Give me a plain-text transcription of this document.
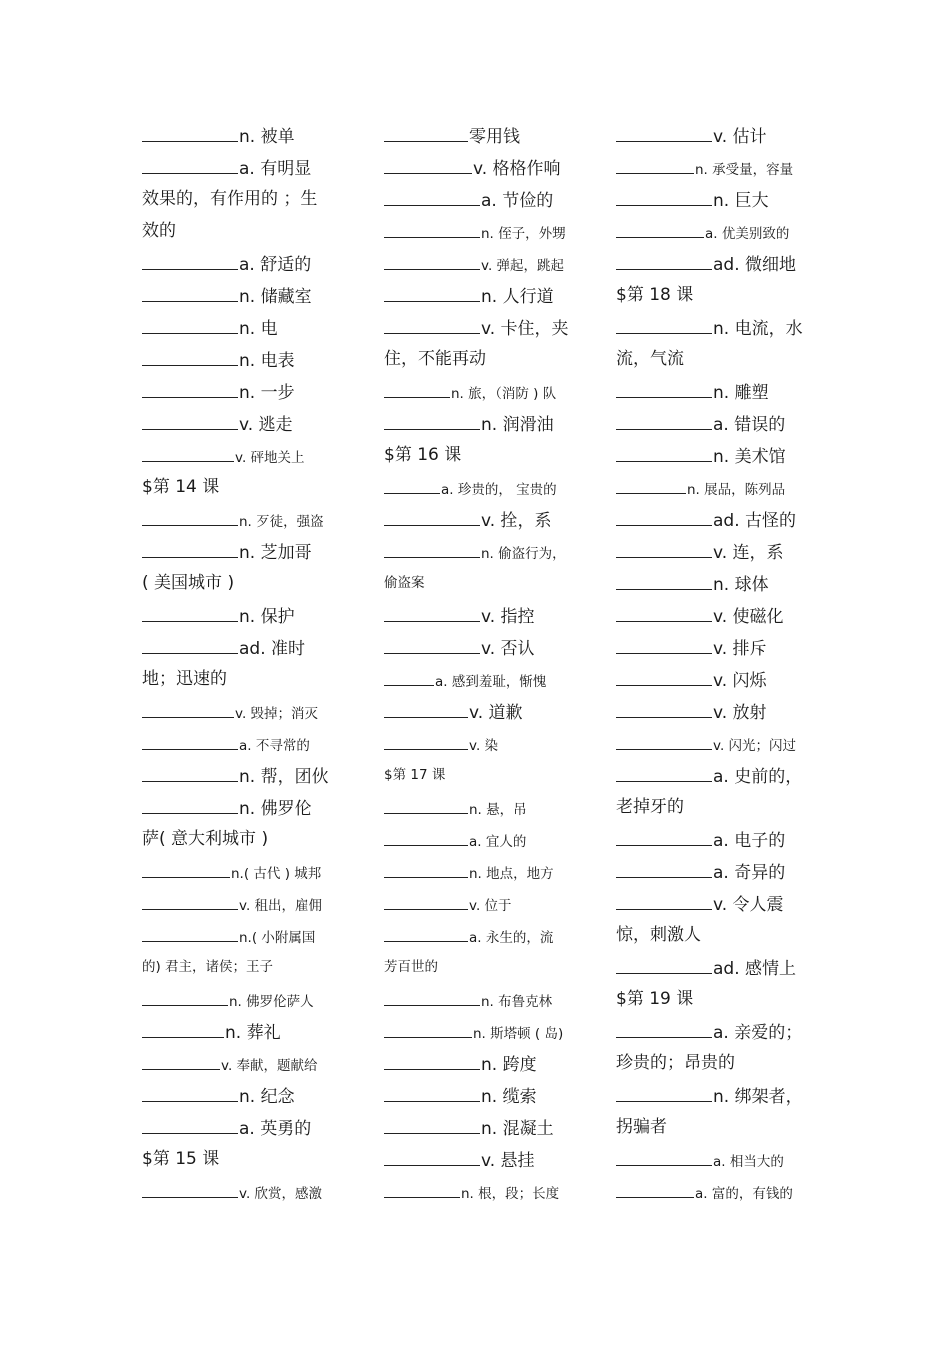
n. 被单
a. 有明显
效果的，有作用的 ；生
效的
a. 舒适的
n. 储藏室
n. 电
n. 电表
n. 一步
v. 逃走
v. 砰地关上
$第 14 课
n. 歹徒，强盗
n. 芝加哥
( 美国城市 )
n. 保护
ad. 准时
地；迅速的
v. 毁掉；消灭
a. 不寻常的
n. 帮，团伙
n. 佛罗伦
萨( 意大利城市 )
n.( 古代 ) 城邦
v. 租出，雇佣
n.( 小附属国
的) 君主，诸侯；王子
n. 佛罗伦萨人
n. 葬礼
v. 奉献，题献给
n. 纪念
a. 英勇的
$第 15 课
v. 欣赏，感激
零用钱
v. 格格作响
a. 节俭的
n. 侄子，外甥
v. 弹起，跳起
n. 人行道
v. 卡住，夹
住，不能再动
n. 旅，（消防 ) 队
n. 润滑油
$第 16 课
a. 珍贵的， 宝贵的
v. 拴，系
n. 偷盗行为，
偷盗案
v. 指控
v. 否认
a. 感到羞耻，惭愧
v. 道歉
v. 染
$第 17 课
n. 悬，吊
a. 宜人的
n. 地点，地方
v. 位于
a. 永生的，流
芳百世的
n. 布鲁克林
n. 斯塔顿 ( 岛)
n. 跨度
n. 缆索
n. 混凝土
v. 悬挂
n. 根，段；长度
v. 估计
n. 承受量，容量
n. 巨大
a. 优美别致的
ad. 微细地
$第 18 课
n. 电流，水
流，气流
n. 雕塑
a. 错误的
n. 美术馆
n. 展品，陈列品
ad. 古怪的
v. 连，系
n. 球体
v. 使磁化
v. 排斥
v. 闪烁
v. 放射
v. 闪光；闪过
a. 史前的，
老掉牙的
a. 电子的
a. 奇异的
v. 令人震
惊，刺激人
ad. 感情上
$第 19 课
a. 亲爱的；
珍贵的；昂贵的
n. 绑架者，
拐骗者
a. 相当大的
a. 富的，有钱的
